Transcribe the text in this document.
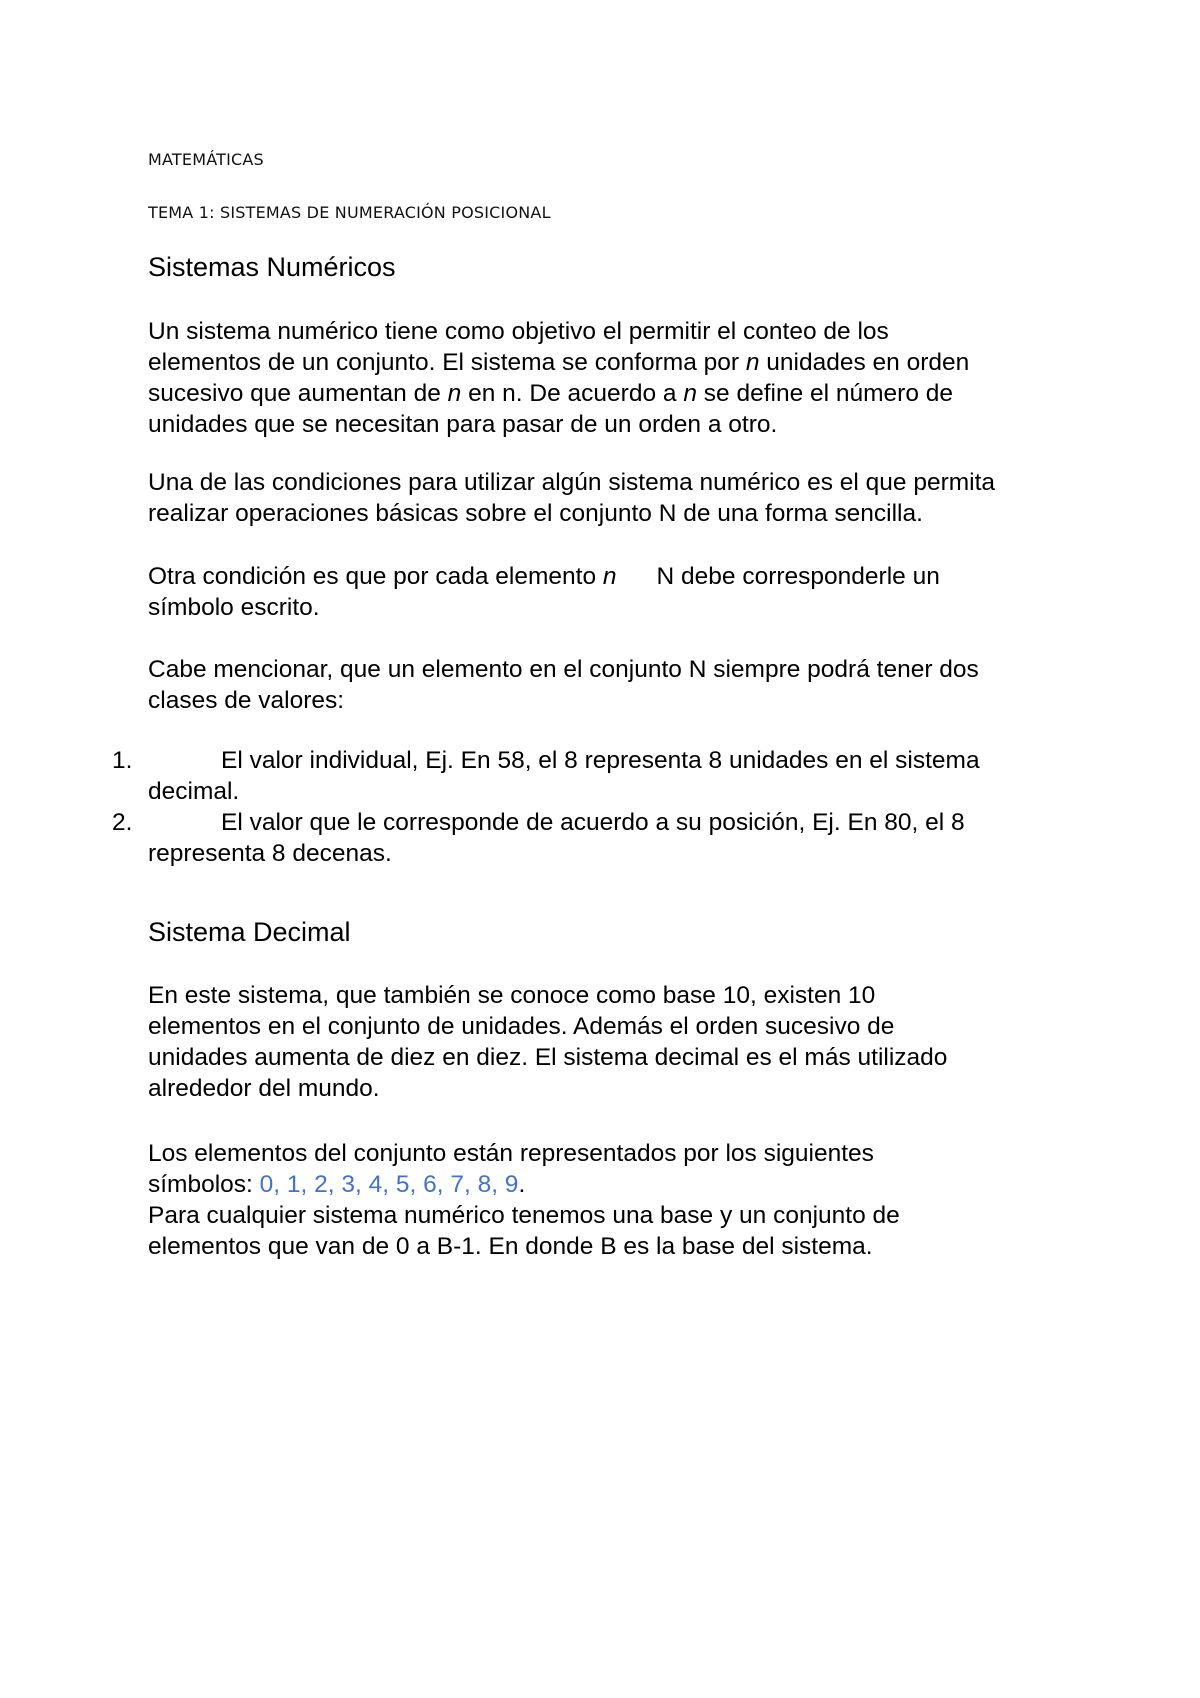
MATEMÁTICAS
TEMA 1: SISTEMAS DE NUMERACIÓN POSICIONAL
Sistemas Numéricos
Un sistema numérico tiene como objetivo el permitir el conteo de los
elementos de un conjunto. El sistema se conforma por n unidades en orden
sucesivo que aumentan de n en n. De acuerdo a n se define el número de
unidades que se necesitan para pasar de un orden a otro.
Una de las condiciones para utilizar algún sistema numérico es el que permita
realizar operaciones básicas sobre el conjunto N de una forma sencilla.
Otra condición es que por cada elemento n N debe corresponderle un
símbolo escrito.
Cabe mencionar, que un elemento en el conjunto N siempre podrá tener dos
clases de valores:
1.	El valor individual, Ej. En 58, el 8 representa 8 unidades en el sistema
decimal.
2.	El valor que le corresponde de acuerdo a su posición, Ej. En 80, el 8
representa 8 decenas.
Sistema Decimal
En este sistema, que también se conoce como base 10, existen 10
elementos en el conjunto de unidades. Además el orden sucesivo de
unidades aumenta de diez en diez. El sistema decimal es el más utilizado
alrededor del mundo.
Los elementos del conjunto están representados por los siguientes
símbolos: 0, 1, 2, 3, 4, 5, 6, 7, 8, 9.
Para cualquier sistema numérico tenemos una base y un conjunto de
elementos que van de 0 a B-1. En donde B es la base del sistema.
